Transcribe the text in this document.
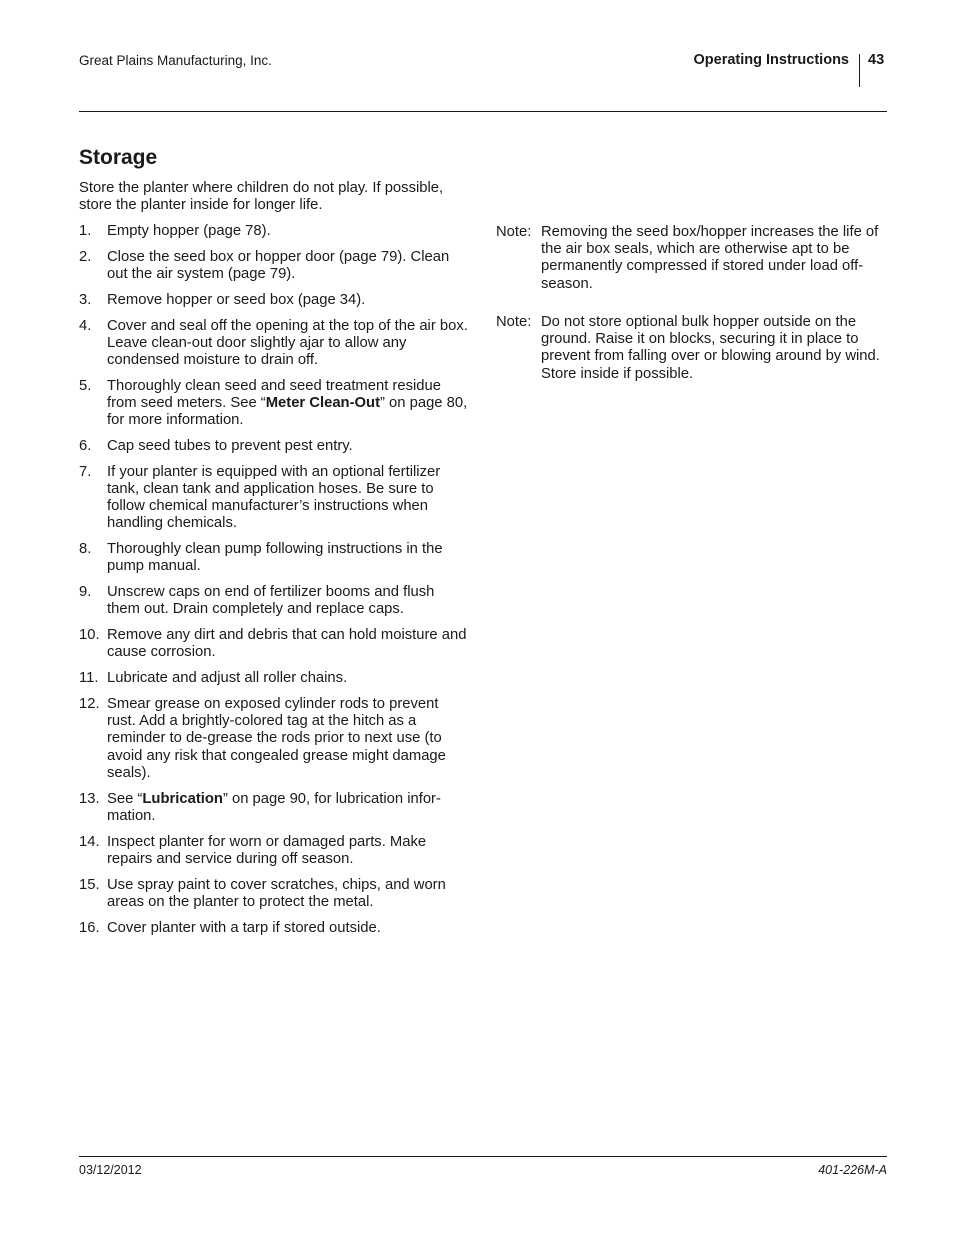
Great Plains Manufacturing, Inc.	Operating Instructions 43
Storage

Store the planter where children do not play. If possible, store the planter inside for longer life.

1.	Empty hopper (page 78).
2.	Close the seed box or hopper door (page 79). Clean out the air system (page 79).
3.	Remove hopper or seed box (page 34).
4.	Cover and seal off the opening at the top of the air box. Leave clean-out door slightly ajar to allow any condensed moisture to drain off.
5.	Thoroughly clean seed and seed treatment residue from seed meters. See “Meter Clean-Out” on page 80, for more information.
6.	Cap seed tubes to prevent pest entry.
7.	If your planter is equipped with an optional fertilizer tank, clean tank and application hoses. Be sure to follow chemical manufacturer’s instructions when handling chemicals.
8.	Thoroughly clean pump following instructions in the pump manual.
9.	Unscrew caps on end of fertilizer booms and flush them out. Drain completely and replace caps.
10. Remove any dirt and debris that can hold moisture and cause corrosion.
11. Lubricate and adjust all roller chains.
12. Smear grease on exposed cylinder rods to prevent rust. Add a brightly-colored tag at the hitch as a reminder to de-grease the rods prior to next use (to avoid any risk that congealed grease might damage seals).
13. See “Lubrication” on page 90, for lubrication infor-mation.
14. Inspect planter for worn or damaged parts. Make repairs and service during off season.
15. Use spray paint to cover scratches, chips, and worn areas on the planter to protect the metal.
16. Cover planter with a tarp if stored outside.
Note: Removing the seed box/hopper increases the life of the air box seals, which are otherwise apt to be permanently compressed if stored under load off-season.
Note: Do not store optional bulk hopper outside on the ground. Raise it on blocks, securing it in place to prevent from falling over or blowing around by wind. Store inside if possible.
03/12/2012	401-226M-A
